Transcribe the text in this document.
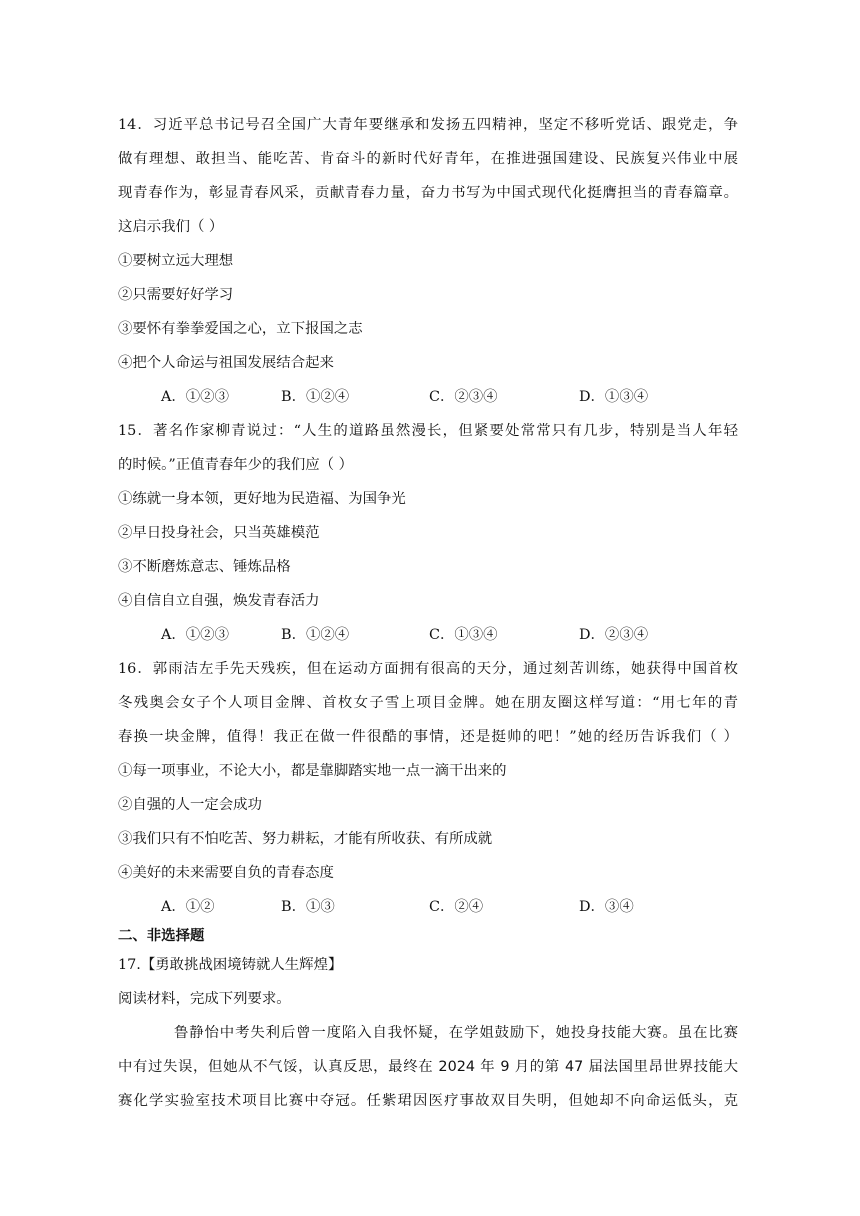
14．习近平总书记号召全国广大青年要继承和发扬五四精神，坚定不移听党话、跟党走，争
做有理想、敢担当、能吃苦、肯奋斗的新时代好青年，在推进强国建设、民族复兴伟业中展
现青春作为，彰显青春风采，贡献青春力量，奋力书写为中国式现代化挺膺担当的青春篇章。
这启示我们（ ）
①要树立远大理想
②只需要好好学习
③要怀有拳拳爱国之心，立下报国之志
④把个人命运与祖国发展结合起来
A．①②③	B．①②④	C．②③④	D．①③④
15．著名作家柳青说过：“人生的道路虽然漫长，但紧要处常常只有几步，特别是当人年轻
的时候。”正值青春年少的我们应（ ）
①练就一身本领，更好地为民造福、为国争光
②早日投身社会，只当英雄模范
③不断磨炼意志、锤炼品格
④自信自立自强，焕发青春活力
A．①②③	B．①②④	C．①③④	D．②③④
16．郭雨洁左手先天残疾，但在运动方面拥有很高的天分，通过刻苦训练，她获得中国首枚
冬残奥会女子个人项目金牌、首枚女子雪上项目金牌。她在朋友圈这样写道：“用七年的青
春换一块金牌，值得！我正在做一件很酷的事情，还是挺帅的吧！”她的经历告诉我们（ ）
①每一项事业，不论大小，都是靠脚踏实地一点一滴干出来的
②自强的人一定会成功
③我们只有不怕吃苦、努力耕耘，才能有所收获、有所成就
④美好的未来需要自负的青春态度
A．①②	B．①③	C．②④	D．③④
二、非选择题
17.【勇敢挑战困境铸就人生辉煌】
阅读材料，完成下列要求。
鲁静怡中考失利后曾一度陷入自我怀疑，在学姐鼓励下，她投身技能大赛。虽在比赛
中有过失误，但她从不气馁，认真反思，最终在 2024 年 9 月的第 47 届法国里昂世界技能大
赛化学实验室技术项目比赛中夺冠。任紫珺因医疗事故双目失明，但她却不向命运低头，克
